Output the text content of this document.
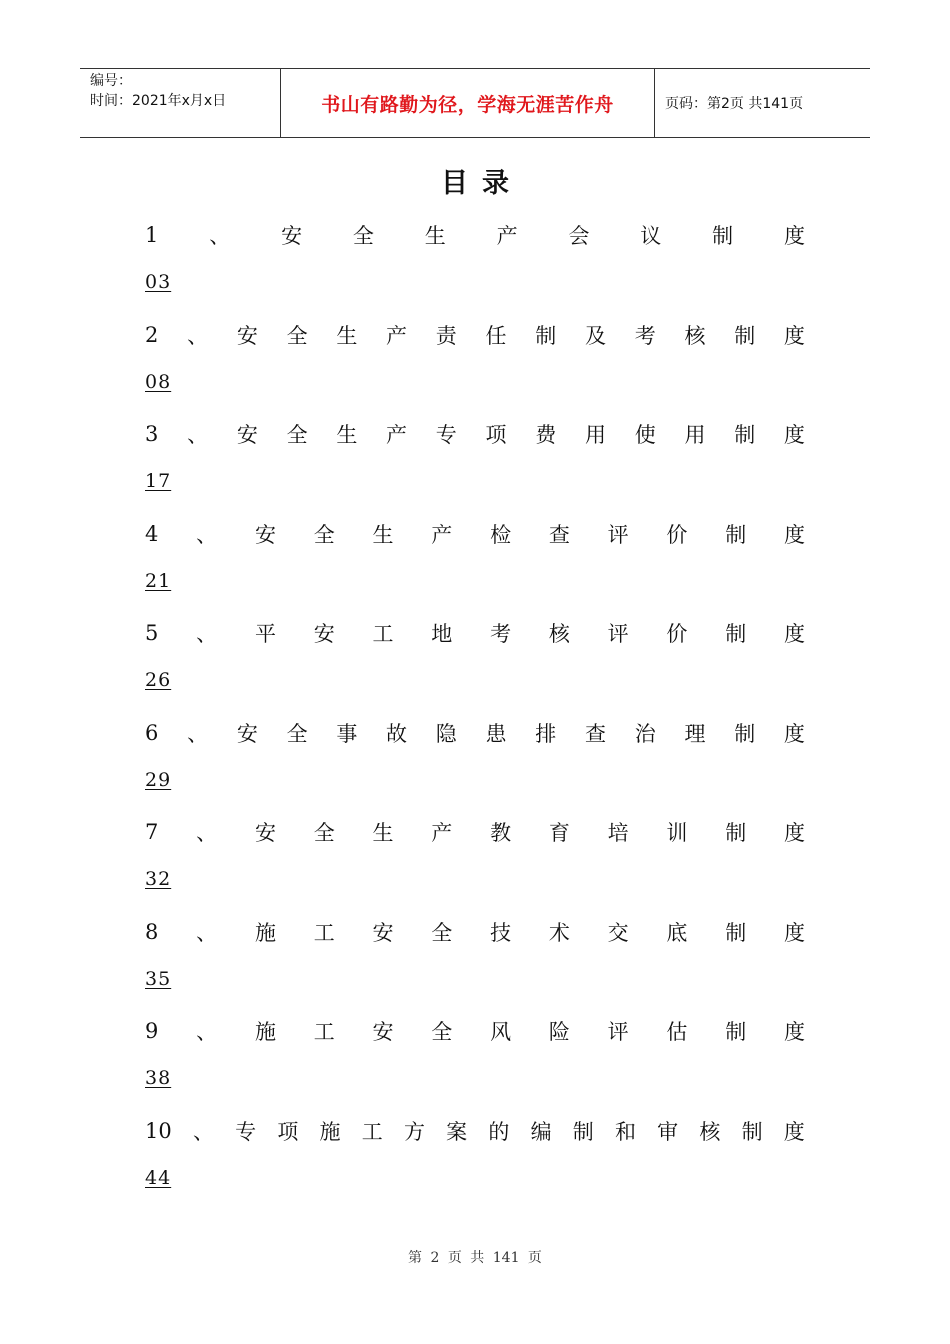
编号：
时间：2021年x月x日	书山有路勤为径，学海无涯苦作舟	页码：第2页 共141页
目录
1 、 安 全 生 产 会 议 制 度
03
2 、 安 全 生 产 责 任 制 及 考 核 制 度
08
3 、 安 全 生 产 专 项 费 用 使 用 制 度
17
4 、 安 全 生 产 检 查 评 价 制 度
21
5 、 平 安 工 地 考 核 评 价 制 度
26
6 、 安 全 事 故 隐 患 排 查 治 理 制 度
29
7 、 安 全 生 产 教 育 培 训 制 度
32
8 、 施 工 安 全 技 术 交 底 制 度
35
9 、 施 工 安 全 风 险 评 估 制 度
38
10 、 专 项 施 工 方 案 的 编 制 和 审 核 制 度
44
第 2 页 共 141 页
